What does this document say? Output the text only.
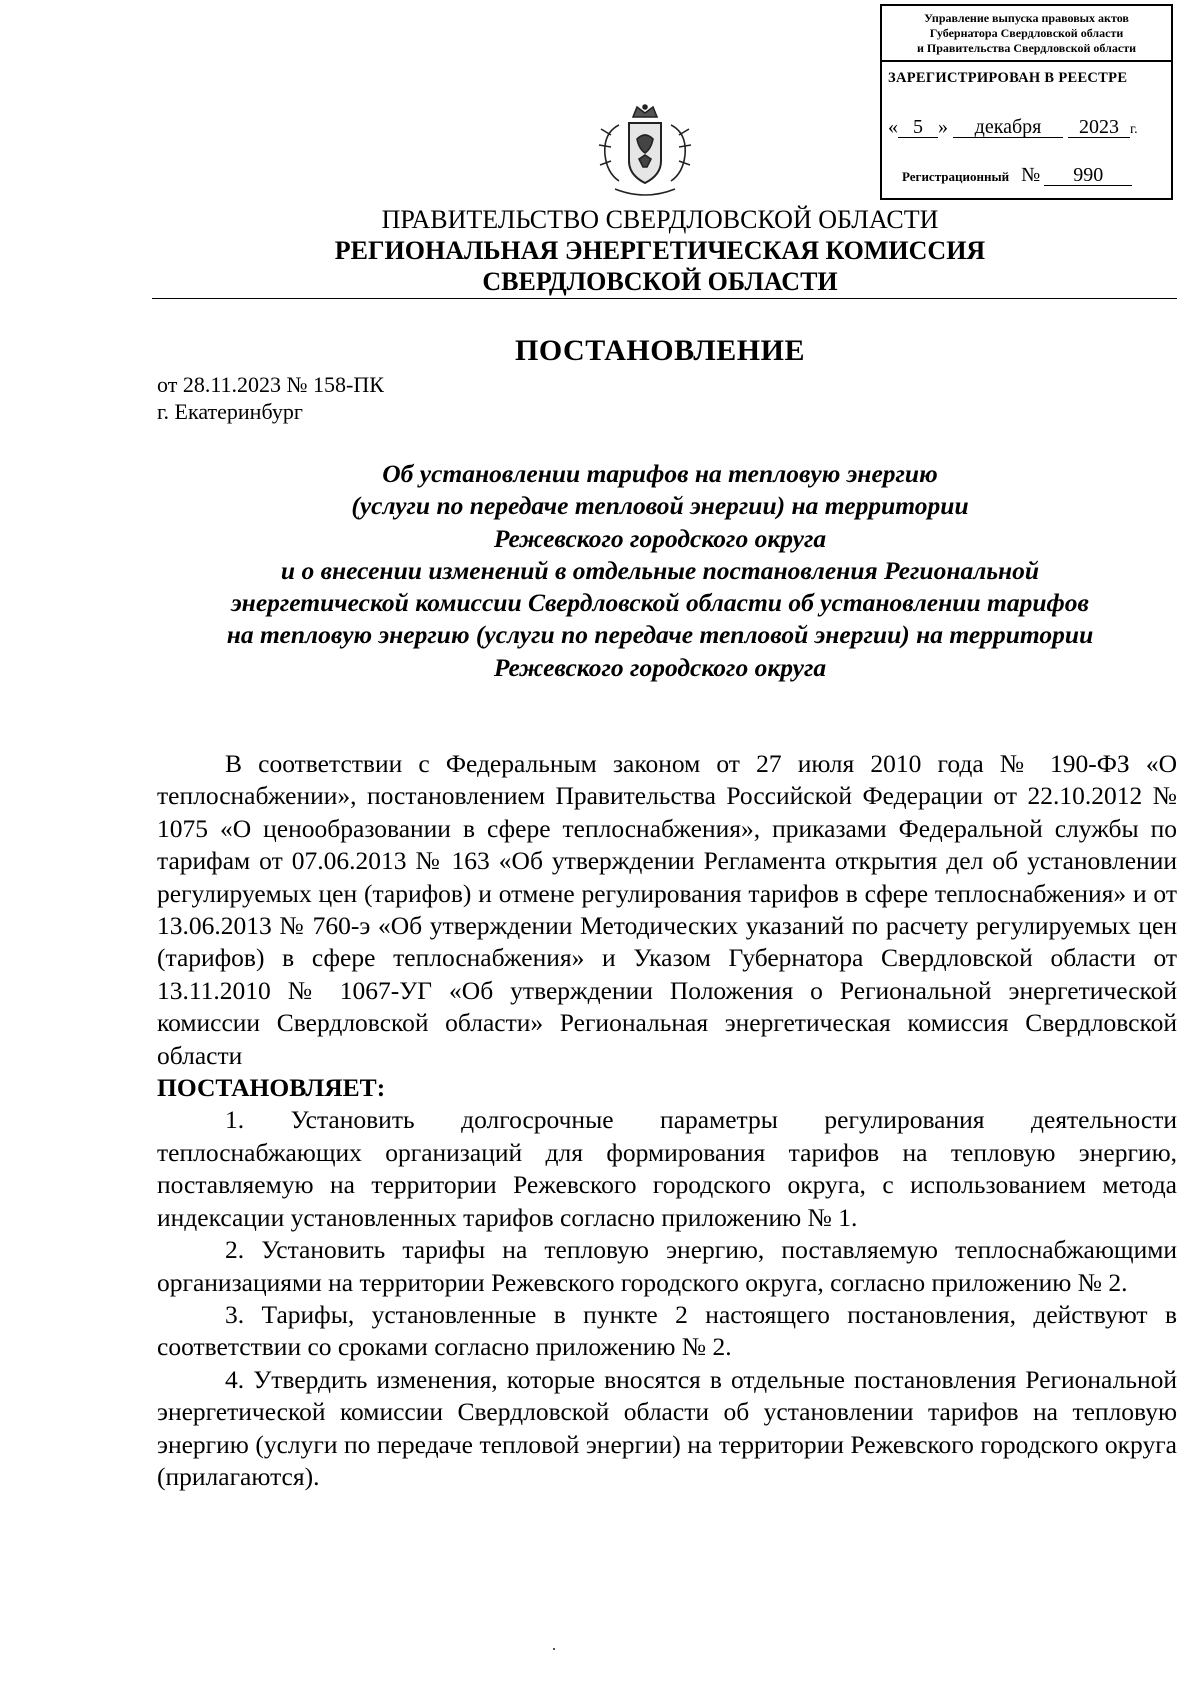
Управление выпуска правовых актов
Губернатора Свердловской области
и Правительства Свердловской области
ЗАРЕГИСТРИРОВАН В РЕЕСТРЕ
« 5 » декабря 2023 г.
Регистрационный № 990
ПРАВИТЕЛЬСТВО СВЕРДЛОВСКОЙ ОБЛАСТИ
РЕГИОНАЛЬНАЯ ЭНЕРГЕТИЧЕСКАЯ КОМИССИЯ
СВЕРДЛОВСКОЙ ОБЛАСТИ
ПОСТАНОВЛЕНИЕ
от 28.11.2023 № 158-ПК
г. Екатеринбург
Об установлении тарифов на тепловую энергию
(услуги по передаче тепловой энергии) на территории
Режевского городского округа
и о внесении изменений в отдельные постановления Региональной
энергетической комиссии Свердловской области об установлении тарифов
на тепловую энергию (услуги по передаче тепловой энергии) на территории
Режевского городского округа

В соответствии с Федеральным законом от 27 июля 2010 года № 190-ФЗ «О теплоснабжении», постановлением Правительства Российской Федерации от 22.10.2012 № 1075 «О ценообразовании в сфере теплоснабжения», приказами Федеральной службы по тарифам от 07.06.2013 № 163 «Об утверждении Регламента открытия дел об установлении регулируемых цен (тарифов) и отмене регулирования тарифов в сфере теплоснабжения» и от 13.06.2013 № 760-э «Об утверждении Методических указаний по расчету регулируемых цен (тарифов) в сфере теплоснабжения» и Указом Губернатора Свердловской области от 13.11.2010 № 1067-УГ «Об утверждении Положения о Региональной энергетической комиссии Свердловской области» Региональная энергетическая комиссия Свердловской области

ПОСТАНОВЛЯЕТ:

1. Установить долгосрочные параметры регулирования деятельности теплоснабжающих организаций для формирования тарифов на тепловую энергию, поставляемую на территории Режевского городского округа, с использованием метода индексации установленных тарифов согласно приложению № 1.

2. Установить тарифы на тепловую энергию, поставляемую теплоснабжающими организациями на территории Режевского городского округа, согласно приложению № 2.

3. Тарифы, установленные в пункте 2 настоящего постановления, действуют в соответствии со сроками согласно приложению № 2.

4. Утвердить изменения, которые вносятся в отдельные постановления Региональной энергетической комиссии Свердловской области об установлении тарифов на тепловую энергию (услуги по передаче тепловой энергии) на территории Режевского городского округа (прилагаются).
